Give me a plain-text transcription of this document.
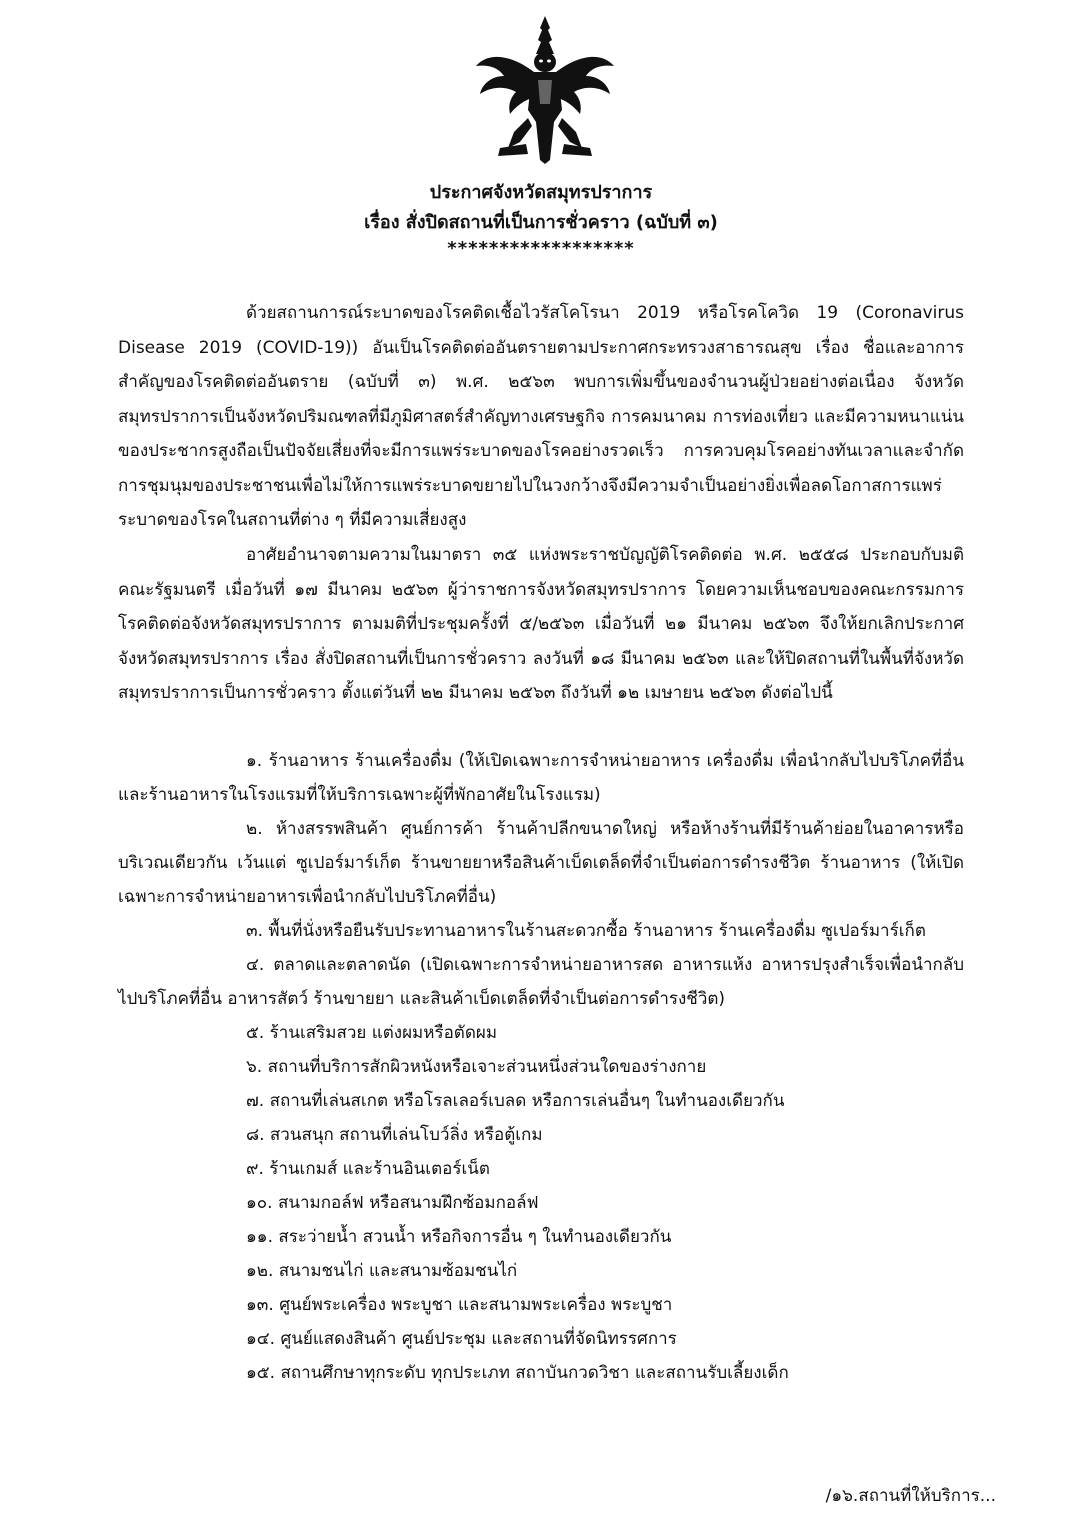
ประกาศจังหวัดสมุทรปราการ
เรื่อง สั่งปิดสถานที่เป็นการชั่วคราว (ฉบับที่ ๓)
******************
ด้วยสถานการณ์ระบาดของโรคติดเชื้อไวรัสโคโรนา 2019 หรือโรคโควิด 19 (Coronavirus Disease 2019 (COVID-19)) อันเป็นโรคติดต่ออันตรายตามประกาศกระทรวงสาธารณสุข เรื่อง ชื่อและอาการสำคัญของโรคติดต่ออันตราย (ฉบับที่ ๓) พ.ศ. ๒๕๖๓ พบการเพิ่มขึ้นของจำนวนผู้ป่วยอย่างต่อเนื่อง จังหวัดสมุทรปราการเป็นจังหวัดปริมณฑลที่มีภูมิศาสตร์สำคัญทางเศรษฐกิจ การคมนาคม การท่องเที่ยว และมีความหนาแน่นของประชากรสูงถือเป็นปัจจัยเสี่ยงที่จะมีการแพร่ระบาดของโรคอย่างรวดเร็ว การควบคุมโรคอย่างทันเวลาและจำกัดการชุมนุมของประชาชนเพื่อไม่ให้การแพร่ระบาดขยายไปในวงกว้างจึงมีความจำเป็นอย่างยิ่งเพื่อลดโอกาสการแพร่ระบาดของโรคในสถานที่ต่าง ๆ ที่มีความเสี่ยงสูง
อาศัยอำนาจตามความในมาตรา ๓๕ แห่งพระราชบัญญัติโรคติดต่อ พ.ศ. ๒๕๕๘ ประกอบกับมติคณะรัฐมนตรี เมื่อวันที่ ๑๗ มีนาคม ๒๕๖๓ ผู้ว่าราชการจังหวัดสมุทรปราการ โดยความเห็นชอบของคณะกรรมการโรคติดต่อจังหวัดสมุทรปราการ ตามมติที่ประชุมครั้งที่ ๕/๒๕๖๓ เมื่อวันที่ ๒๑ มีนาคม ๒๕๖๓ จึงให้ยกเลิกประกาศจังหวัดสมุทรปราการ เรื่อง สั่งปิดสถานที่เป็นการชั่วคราว ลงวันที่ ๑๘ มีนาคม ๒๕๖๓ และให้ปิดสถานที่ในพื้นที่จังหวัดสมุทรปราการเป็นการชั่วคราว ตั้งแต่วันที่ ๒๒ มีนาคม ๒๕๖๓ ถึงวันที่ ๑๒ เมษายน ๒๕๖๓ ดังต่อไปนี้
๑. ร้านอาหาร ร้านเครื่องดื่ม (ให้เปิดเฉพาะการจำหน่ายอาหาร เครื่องดื่ม เพื่อนำกลับไปบริโภคที่อื่น และร้านอาหารในโรงแรมที่ให้บริการเฉพาะผู้ที่พักอาศัยในโรงแรม)
๒. ห้างสรรพสินค้า ศูนย์การค้า ร้านค้าปลีกขนาดใหญ่ หรือห้างร้านที่มีร้านค้าย่อยในอาคารหรือบริเวณเดียวกัน เว้นแต่ ซูเปอร์มาร์เก็ต ร้านขายยาหรือสินค้าเบ็ดเตล็ดที่จำเป็นต่อการดำรงชีวิต ร้านอาหาร (ให้เปิดเฉพาะการจำหน่ายอาหารเพื่อนำกลับไปบริโภคที่อื่น)
๓. พื้นที่นั่งหรือยืนรับประทานอาหารในร้านสะดวกซื้อ ร้านอาหาร ร้านเครื่องดื่ม ซูเปอร์มาร์เก็ต
๔. ตลาดและตลาดนัด (เปิดเฉพาะการจำหน่ายอาหารสด อาหารแห้ง อาหารปรุงสำเร็จเพื่อนำกลับไปบริโภคที่อื่น อาหารสัตว์ ร้านขายยา และสินค้าเบ็ดเตล็ดที่จำเป็นต่อการดำรงชีวิต)
๕. ร้านเสริมสวย แต่งผมหรือตัดผม
๖. สถานที่บริการสักผิวหนังหรือเจาะส่วนหนึ่งส่วนใดของร่างกาย
๗. สถานที่เล่นสเกต หรือโรลเลอร์เบลด หรือการเล่นอื่นๆ ในทำนองเดียวกัน
๘. สวนสนุก สถานที่เล่นโบว์ลิ่ง หรือตู้เกม
๙. ร้านเกมส์ และร้านอินเตอร์เน็ต
๑๐. สนามกอล์ฟ หรือสนามฝึกซ้อมกอล์ฟ
๑๑. สระว่ายน้ำ สวนน้ำ หรือกิจการอื่น ๆ ในทำนองเดียวกัน
๑๒. สนามชนไก่ และสนามซ้อมชนไก่
๑๓. ศูนย์พระเครื่อง พระบูชา และสนามพระเครื่อง พระบูชา
๑๔. ศูนย์แสดงสินค้า ศูนย์ประชุม และสถานที่จัดนิทรรศการ
๑๕. สถานศึกษาทุกระดับ ทุกประเภท สถาบันกวดวิชา และสถานรับเลี้ยงเด็ก
/๑๖.สถานที่ให้บริการ...
